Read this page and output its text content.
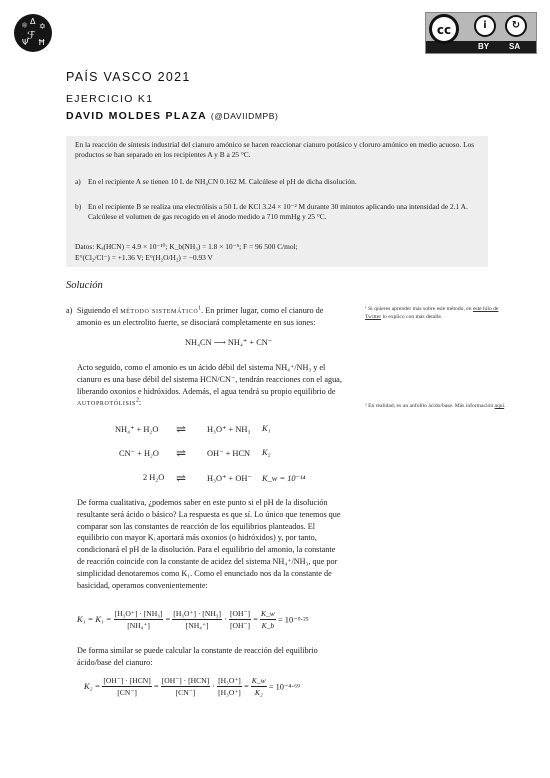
⚛ Δ
✡
ℱ
Ψ Ħ
cc	i	↻
BY SA
PAÍS VASCO 2021
EJERCICIO K1
DAVID MOLDES PLAZA (@DAVIIDMPB)
En la reacción de síntesis industrial del cianuro amónico se hacen reaccionar cianuro potásico y cloruro amónico en medio acuoso. Los productos se han separado en los recipientes A y B a 25 °C.
a) En el recipiente A se tienen 10 L de NH₄CN 0.162 M. Calcúlese el pH de dicha disolución.
b) En el recipiente B se realiza una electrólisis a 50 L de KCl 3.24 × 10⁻² M durante 30 minutos aplicando una intensidad de 2.1 A. Calcúlese el volumen de gas recogido en el ánodo medido a 710 mmHg y 25 °C.
Datos: Kₐ(HCN) = 4.9 × 10⁻¹⁰; K_b(NH₃) = 1.8 × 10⁻⁵; F = 96 500 C/mol;
E°(Cl₂/Cl⁻) = +1.36 V; E°(H₂O/H₂) = −0.93 V
Solución
a) Siguiendo el método sistemático$^1$. En primer lugar, como el cianuro de amonio es un electrolito fuerte, se disociará completamente en sus iones:
NH₄CN ⟶ NH₄⁺ + CN⁻
Acto seguido, como el amonio es un ácido débil del sistema NH₄⁺/NH₃ y el cianuro es una base débil del sistema HCN/CN⁻, tendrán reacciones con el agua, liberando oxonios e hidróxidos. Además, el agua tendrá su propio equilibrio de autoprotólisis$^2$:
NH₄⁺ + H₂O ⇌ H₃O⁺ + NH₃ K₁
CN⁻ + H₂O ⇌ OH⁻ + HCN K₂
2 H₂O ⇌ H₃O⁺ + OH⁻ K_w = 10⁻¹⁴
De forma cualitativa, ¿podemos saber en este punto si el pH de la disolución resultante será ácido o básico? La respuesta es que sí. Lo único que tenemos que comparar son las constantes de reacción de los equilibrios planteados. El equilibrio con mayor Kᵢ aportará más oxonios (o hidróxidos) y, por tanto, condicionará el pH de la disolución. Para el equilibrio del amonio, la constante de reacción coincide con la constante de acidez del sistema NH₄⁺/NH₃, que por simplicidad denotaremos como K₁. Como el enunciado nos da la constante de basicidad, operamos convenientemente:
$K_1 = K_1 = \frac{\text{[H₃O⁺] · [NH₃]}}{\text{[NH₄⁺]}} = \frac{\text{[H₃O⁺] · [NH₃]}}{\text{[NH₄⁺]}} \cdot \frac{[OH^-]}{[OH^-]} = \frac{K\_w}{K\_b} = 10^{-9}\cdot^{25}$
De forma similar se puede calcular la constante de reacción del equilibrio ácido/base del cianuro:
$K_2 = \frac{\text{[OH⁻] · [HCN]}}{[CN^-]} = \frac{\text{[OH⁻] · [HCN]}}{[CN^-]} \cdot \frac{\text{[H₃O⁺]}}{\text{[H₃O⁺]}} = \frac{K\_w}{\text{K₂}} = 10^{-4}\cdot^{69}$
¹ Si quieres aprender más sobre este método, en este hilo de Twitter lo explico con más detalle.
² En realidad, es un anfolito ácido/base. Más información aquí.
